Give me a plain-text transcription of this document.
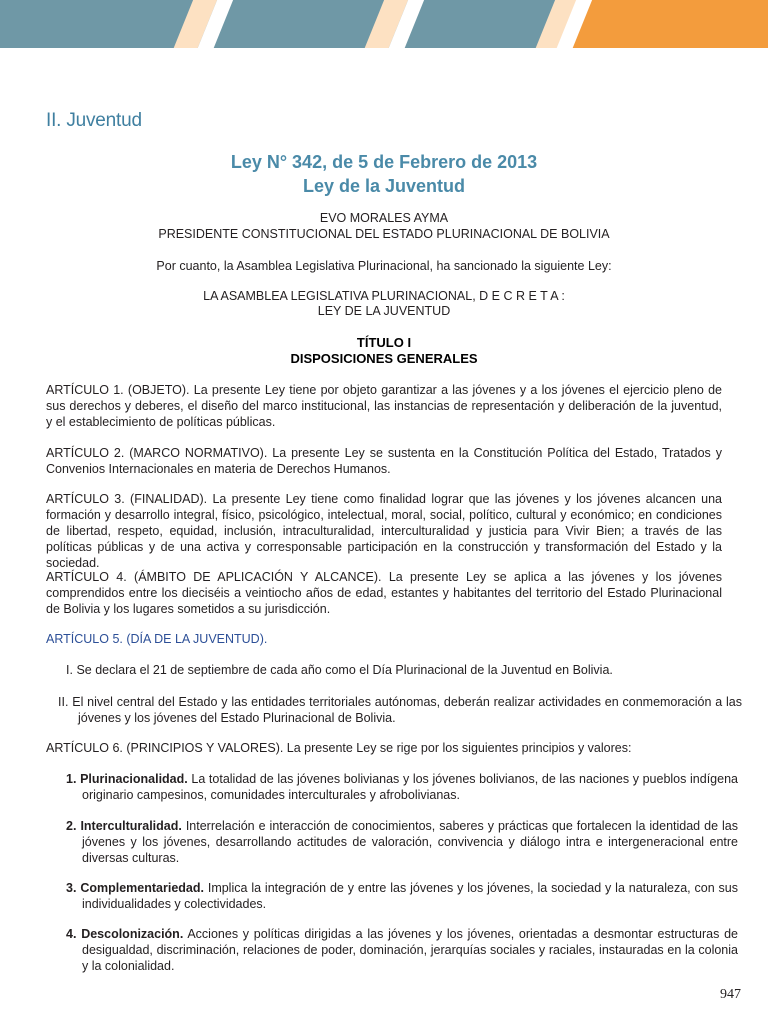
II. Juventud
Ley N° 342, de 5 de Febrero de 2013
Ley de la Juventud
EVO MORALES AYMA
PRESIDENTE CONSTITUCIONAL DEL ESTADO PLURINACIONAL DE BOLIVIA
Por cuanto, la Asamblea Legislativa Plurinacional, ha sancionado la siguiente Ley:
LA ASAMBLEA LEGISLATIVA PLURINACIONAL, D E C R E T A :
LEY DE LA JUVENTUD
TÍTULO I
DISPOSICIONES GENERALES
ARTÍCULO 1. (OBJETO). La presente Ley tiene por objeto garantizar a las jóvenes y a los jóvenes el ejercicio pleno de sus derechos y deberes, el diseño del marco institucional, las instancias de representación y deliberación de la juventud, y el establecimiento de políticas públicas.
ARTÍCULO 2. (MARCO NORMATIVO). La presente Ley se sustenta en la Constitución Política del Estado, Tratados y Convenios Internacionales en materia de Derechos Humanos.
ARTÍCULO 3. (FINALIDAD). La presente Ley tiene como finalidad lograr que las jóvenes y los jóvenes alcancen una formación y desarrollo integral, físico, psicológico, intelectual, moral, social, político, cultural y económico; en condiciones de libertad, respeto, equidad, inclusión, intraculturalidad, interculturalidad y justicia para Vivir Bien; a través de las políticas públicas y de una activa y corresponsable participación en la construcción y transformación del Estado y la sociedad.
ARTÍCULO 4. (ÁMBITO DE APLICACIÓN Y ALCANCE). La presente Ley se aplica a las jóvenes y los jóvenes comprendidos entre los dieciséis a veintiocho años de edad, estantes y habitantes del territorio del Estado Plurinacional de Bolivia y los lugares sometidos a su jurisdicción.
ARTÍCULO 5. (DÍA DE LA JUVENTUD).
I. Se declara el 21 de septiembre de cada año como el Día Plurinacional de la Juventud en Bolivia.
II. El nivel central del Estado y las entidades territoriales autónomas, deberán realizar actividades en conmemoración a las jóvenes y los jóvenes del Estado Plurinacional de Bolivia.
ARTÍCULO 6. (PRINCIPIOS Y VALORES). La presente Ley se rige por los siguientes principios y valores:
1. Plurinacionalidad. La totalidad de las jóvenes bolivianas y los jóvenes bolivianos, de las naciones y pueblos indígena originario campesinos, comunidades interculturales y afrobolivianas.
2. Interculturalidad. Interrelación e interacción de conocimientos, saberes y prácticas que fortalecen la identidad de las jóvenes y los jóvenes, desarrollando actitudes de valoración, convivencia y diálogo intra e intergeneracional entre diversas culturas.
3. Complementariedad. Implica la integración de y entre las jóvenes y los jóvenes, la sociedad y la naturaleza, con sus individualidades y colectividades.
4. Descolonización. Acciones y políticas dirigidas a las jóvenes y los jóvenes, orientadas a desmontar estructuras de desigualdad, discriminación, relaciones de poder, dominación, jerarquías sociales y raciales, instauradas en la colonia y la colonialidad.
947
